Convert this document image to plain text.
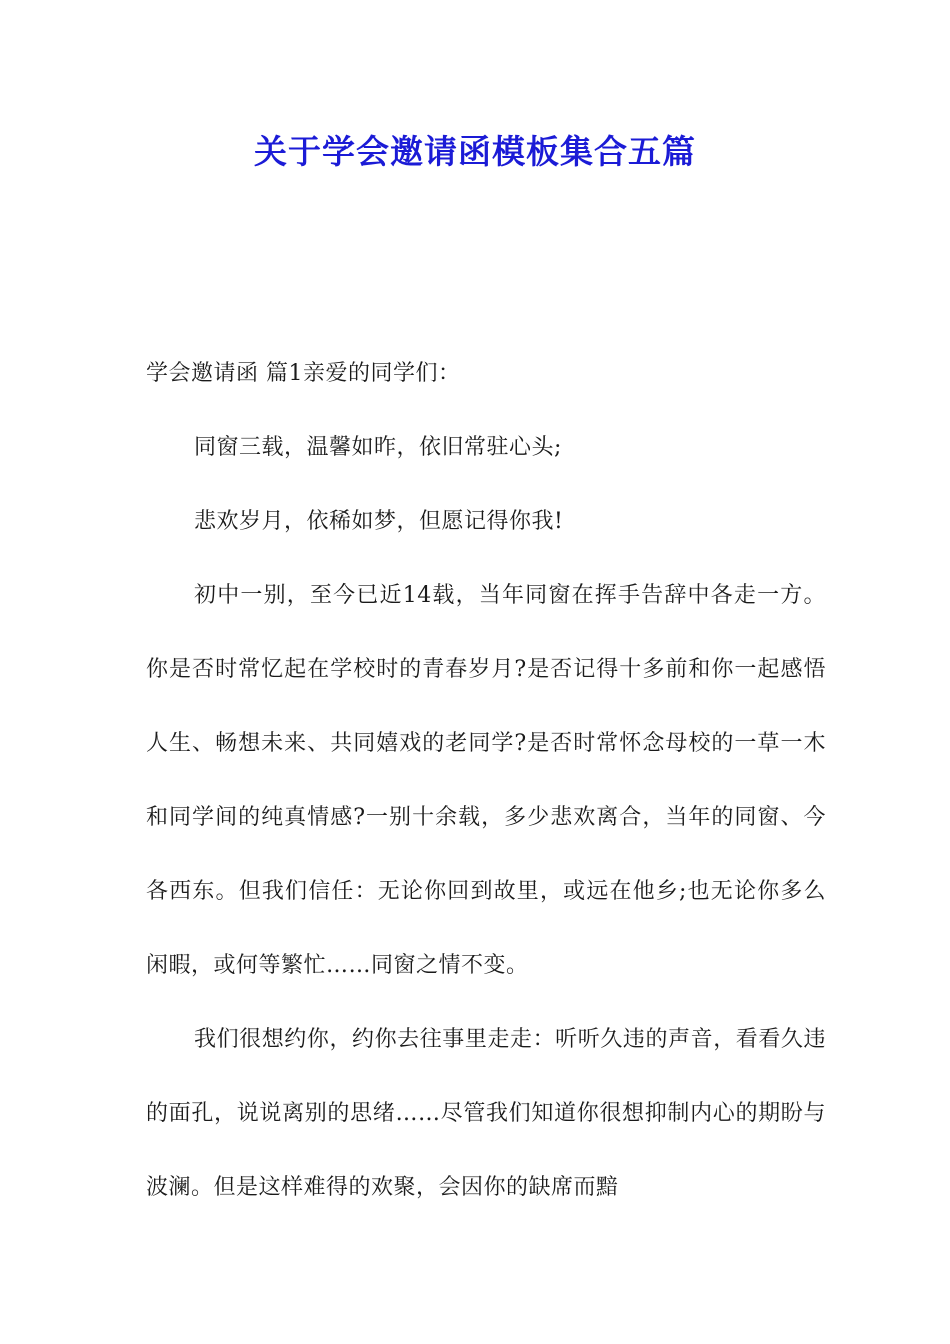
关于学会邀请函模板集合五篇

学会邀请函 篇1亲爱的同学们：

同窗三载，温馨如昨，依旧常驻心头;

悲欢岁月，依稀如梦，但愿记得你我!

初中一别，至今已近14载，当年同窗在挥手告辞中各走一方。你是否时常忆起在学校时的青春岁月?是否记得十多前和你一起感悟人生、畅想未来、共同嬉戏的老同学?是否时常怀念母校的一草一木和同学间的纯真情感?一别十余载，多少悲欢离合，当年的同窗、今各西东。但我们信任：无论你回到故里，或远在他乡;也无论你多么闲暇，或何等繁忙……同窗之情不变。

我们很想约你，约你去往事里走走：听听久违的声音，看看久违的面孔，说说离别的思绪……尽管我们知道你很想抑制内心的期盼与波澜。但是这样难得的欢聚，会因你的缺席而黯
